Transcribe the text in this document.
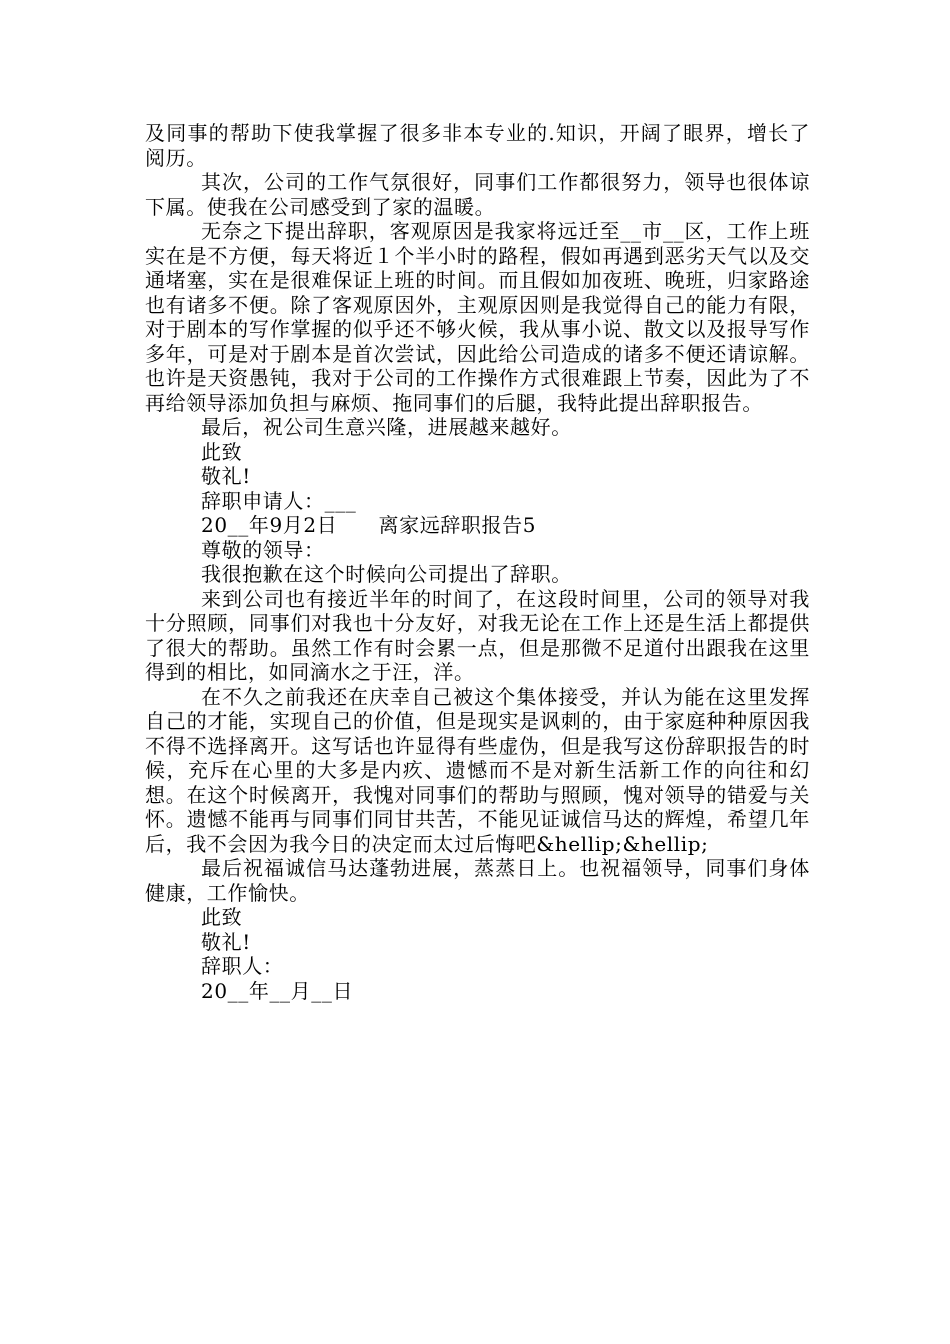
及同事的帮助下使我掌握了很多非本专业的.知识，开阔了眼界，增长了阅历。

其次，公司的工作气氛很好，同事们工作都很努力，领导也很体谅下属。使我在公司感受到了家的温暖。

无奈之下提出辞职，客观原因是我家将远迁至__市__区，工作上班实在是不方便，每天将近１个半小时的路程，假如再遇到恶劣天气以及交通堵塞，实在是很难保证上班的时间。而且假如加夜班、晚班，归家路途也有诸多不便。除了客观原因外，主观原因则是我觉得自己的能力有限，对于剧本的写作掌握的似乎还不够火候，我从事小说、散文以及报导写作多年，可是对于剧本是首次尝试，因此给公司造成的诸多不便还请谅解。也许是天资愚钝，我对于公司的工作操作方式很难跟上节奏，因此为了不再给领导添加负担与麻烦、拖同事们的后腿，我特此提出辞职报告。

最后，祝公司生意兴隆，进展越来越好。

此致

敬礼!

辞职申请人：___

20__年9月2日　　离家远辞职报告5

尊敬的领导：

我很抱歉在这个时候向公司提出了辞职。

来到公司也有接近半年的时间了，在这段时间里，公司的领导对我十分照顾，同事们对我也十分友好，对我无论在工作上还是生活上都提供了很大的帮助。虽然工作有时会累一点，但是那微不足道付出跟我在这里得到的相比，如同滴水之于汪，洋。

在不久之前我还在庆幸自己被这个集体接受，并认为能在这里发挥自己的才能，实现自己的价值，但是现实是讽刺的，由于家庭种种原因我不得不选择离开。这写话也许显得有些虚伪，但是我写这份辞职报告的时候，充斥在心里的大多是内疚、遗憾而不是对新生活新工作的向往和幻想。在这个时候离开，我愧对同事们的帮助与照顾，愧对领导的错爱与关怀。遗憾不能再与同事们同甘共苦，不能见证诚信马达的辉煌，希望几年后，我不会因为我今日的决定而太过后悔吧&hellip;&hellip;

最后祝福诚信马达蓬勃进展，蒸蒸日上。也祝福领导，同事们身体健康，工作愉快。

此致

敬礼!

辞职人：

20__年__月__日
